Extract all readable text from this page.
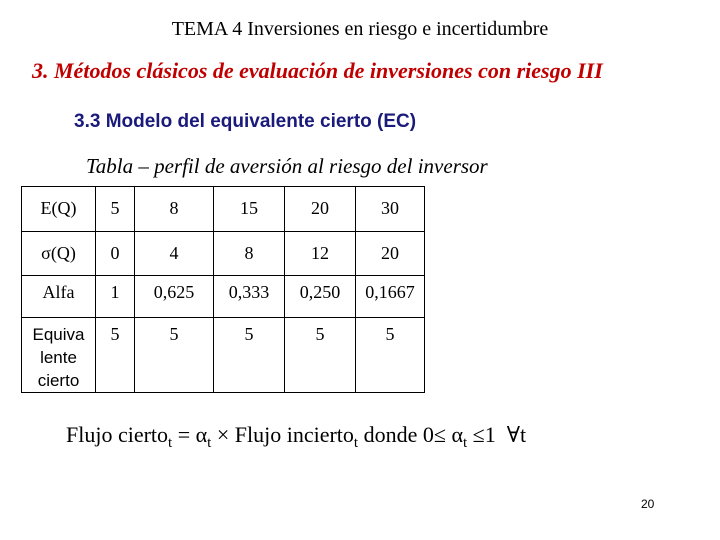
TEMA 4 Inversiones en riesgo e incertidumbre
3. Métodos clásicos de evaluación de inversiones con riesgo III
3.3 Modelo del equivalente cierto (EC)
Tabla – perfil de aversión al riesgo del inversor
E(Q)	5	8	15	20	30

σ(Q)	0	4	8	12	20

Alfa	1	0,625	0,333	0,250	0,1667

Equiva
lente
cierto	5	5	5	5	5
Flujo cierto$_t$ = $\alpha_t$ × Flujo incierto$_t$ donde $0\le \alpha_t \le 1$ ∀t
20
